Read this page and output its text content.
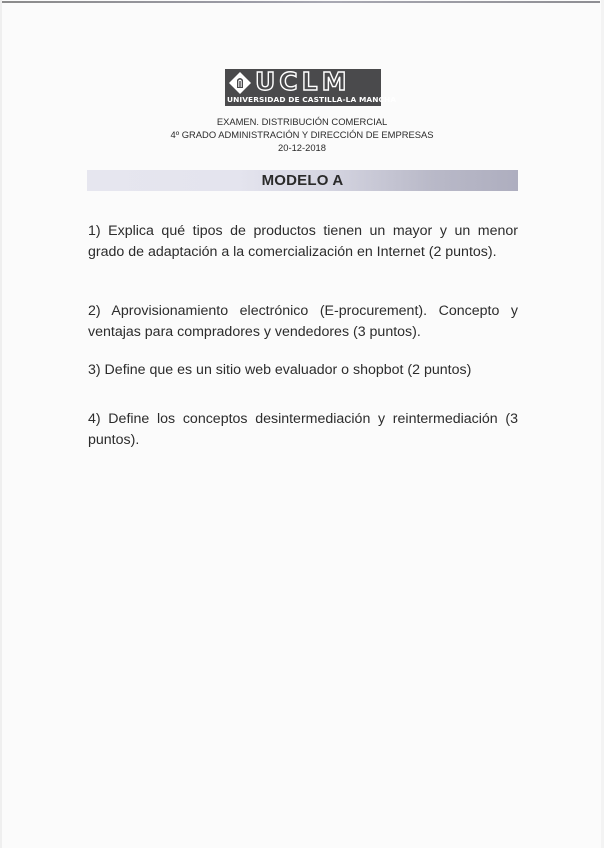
UCLM
UNIVERSIDAD DE CASTILLA-LA MANCHA
EXAMEN. DISTRIBUCIÓN COMERCIAL
4º GRADO ADMINISTRACIÓN Y DIRECCIÓN DE EMPRESAS
20-12-2018
MODELO A
1) Explica qué tipos de productos tienen un mayor y un menor grado de adaptación a la comercialización en Internet (2 puntos).
2) Aprovisionamiento electrónico (E-procurement). Concepto y ventajas para compradores y vendedores (3 puntos).
3) Define que es un sitio web evaluador o shopbot (2 puntos)
4) Define los conceptos desintermediación y reintermediación (3 puntos).
